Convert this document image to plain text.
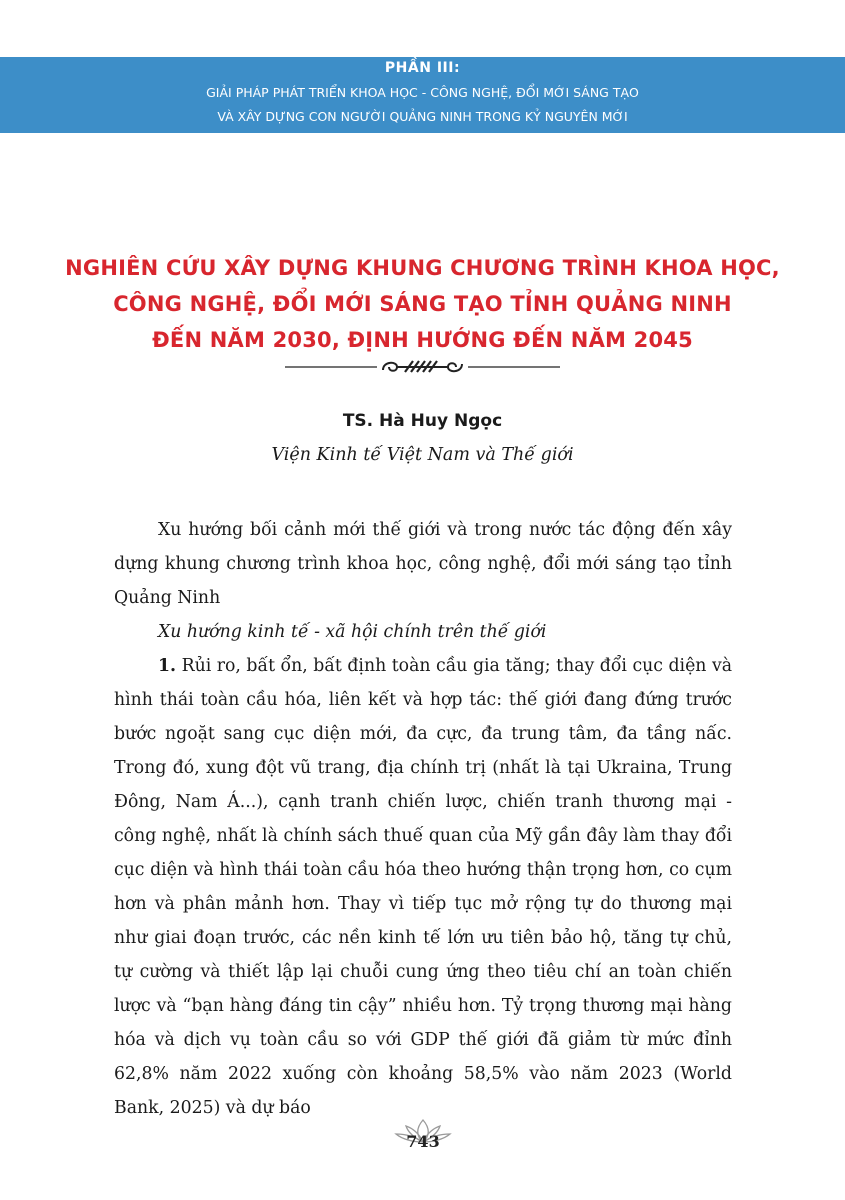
PHẦN III:
GIẢI PHÁP PHÁT TRIỂN KHOA HỌC - CÔNG NGHỆ, ĐỔI MỚI SÁNG TẠO
VÀ XÂY DỰNG CON NGƯỜI QUẢNG NINH TRONG KỶ NGUYÊN MỚI
NGHIÊN CỨU XÂY DỰNG KHUNG CHƯƠNG TRÌNH KHOA HỌC,
CÔNG NGHỆ, ĐỔI MỚI SÁNG TẠO TỈNH QUẢNG NINH
ĐẾN NĂM 2030, ĐỊNH HƯỚNG ĐẾN NĂM 2045
TS. Hà Huy Ngọc
Viện Kinh tế Việt Nam và Thế giới

Xu hướng bối cảnh mới thế giới và trong nước tác động đến xây dựng khung chương trình khoa học, công nghệ, đổi mới sáng tạo tỉnh Quảng Ninh

Xu hướng kinh tế - xã hội chính trên thế giới

1. Rủi ro, bất ổn, bất định toàn cầu gia tăng; thay đổi cục diện và hình thái toàn cầu hóa, liên kết và hợp tác: thế giới đang đứng trước bước ngoặt sang cục diện mới, đa cực, đa trung tâm, đa tầng nấc. Trong đó, xung đột vũ trang, địa chính trị (nhất là tại Ukraina, Trung Đông, Nam Á...), cạnh tranh chiến lược, chiến tranh thương mại - công nghệ, nhất là chính sách thuế quan của Mỹ gần đây làm thay đổi cục diện và hình thái toàn cầu hóa theo hướng thận trọng hơn, co cụm hơn và phân mảnh hơn. Thay vì tiếp tục mở rộng tự do thương mại như giai đoạn trước, các nền kinh tế lớn ưu tiên bảo hộ, tăng tự chủ, tự cường và thiết lập lại chuỗi cung ứng theo tiêu chí an toàn chiến lược và “bạn hàng đáng tin cậy” nhiều hơn. Tỷ trọng thương mại hàng hóa và dịch vụ toàn cầu so với GDP thế giới đã giảm từ mức đỉnh 62,8% năm 2022 xuống còn khoảng 58,5% vào năm 2023 (World Bank, 2025) và dự báo

743
